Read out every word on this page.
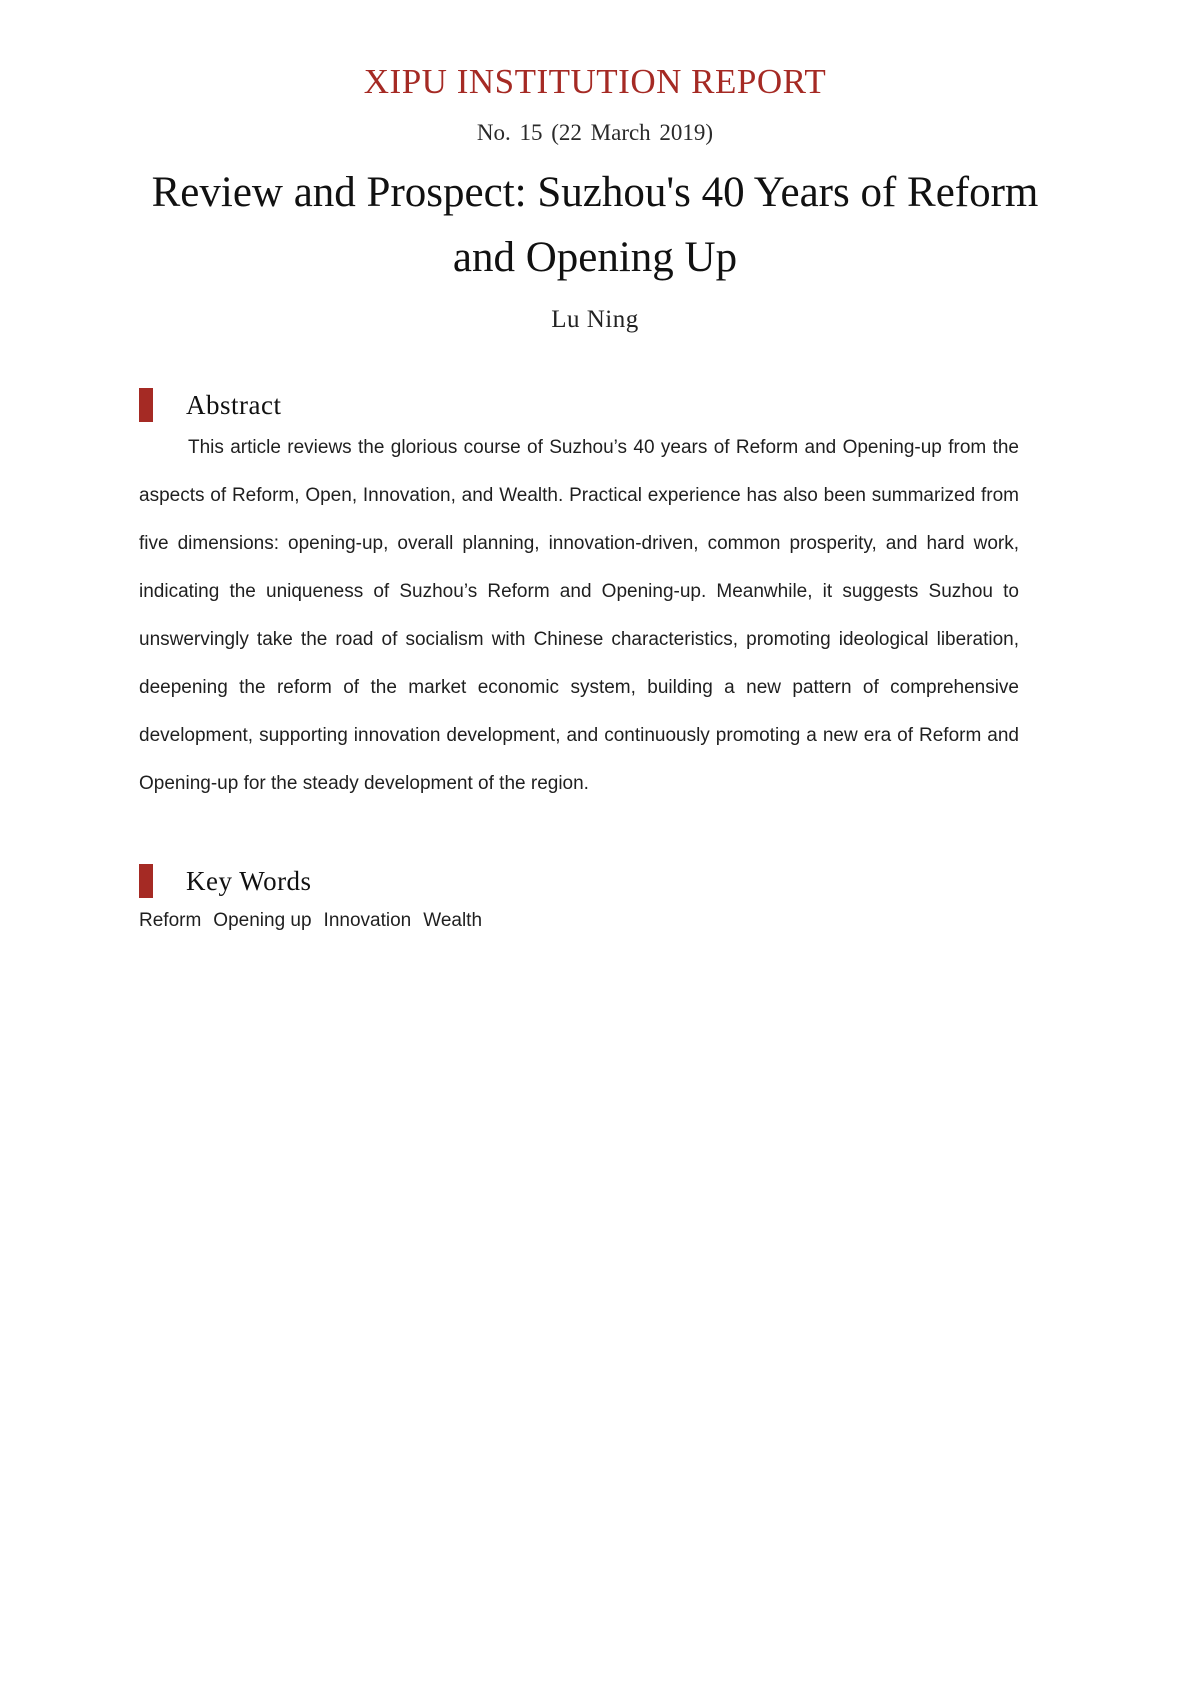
XIPU INSTITUTION REPORT
No. 15 (22 March 2019)
Review and Prospect: Suzhou's 40 Years of Reform and Opening Up
Lu Ning
Abstract

This article reviews the glorious course of Suzhou’s 40 years of Reform and Opening-up from the aspects of Reform, Open, Innovation, and Wealth. Practical experience has also been summarized from five dimensions: opening-up, overall planning, innovation-driven, common prosperity, and hard work, indicating the uniqueness of Suzhou’s Reform and Opening-up. Meanwhile, it suggests Suzhou to unswervingly take the road of socialism with Chinese characteristics, promoting ideological liberation, deepening the reform of the market economic system, building a new pattern of comprehensive development, supporting innovation development, and continuously promoting a new era of Reform and Opening-up for the steady development of the region.

Key Words
Reform Opening up Innovation Wealth
